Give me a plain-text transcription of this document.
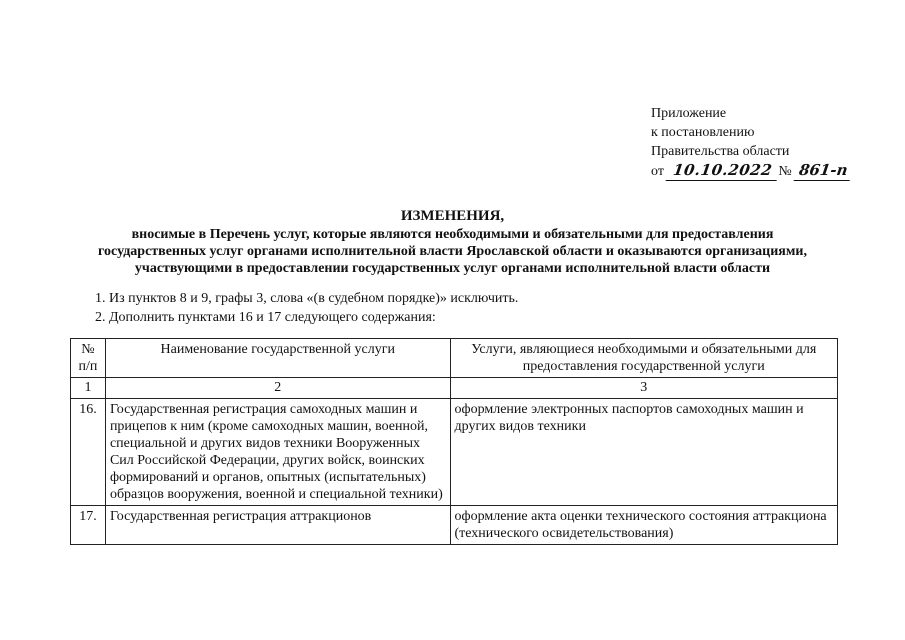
Приложение
к постановлению
Правительства области
от 10.10.2022 № 861-п
ИЗМЕНЕНИЯ,
вносимые в Перечень услуг, которые являются необходимыми и обязательными для предоставления
государственных услуг органами исполнительной власти Ярославской области и оказываются организациями,
участвующими в предоставлении государственных услуг органами исполнительной власти области
1. Из пунктов 8 и 9, графы 3, слова «(в судебном порядке)» исключить.
2. Дополнить пунктами 16 и 17 следующего содержания:
№ п/п	Наименование государственной услуги	Услуги, являющиеся необходимыми и обязательными для предоставления государственной услуги
1	2	3
16.	Государственная регистрация самоходных машин и прицепов к ним (кроме самоходных машин, военной, специальной и других видов техники Вооруженных Сил Российской Федерации, других войск, воинских формирований и органов, опытных (испытательных) образцов вооружения, военной и специальной техники)	оформление электронных паспортов самоходных машин и других видов техники
17.	Государственная регистрация аттракционов	оформление акта оценки технического состояния аттракциона (технического освидетельствования)
